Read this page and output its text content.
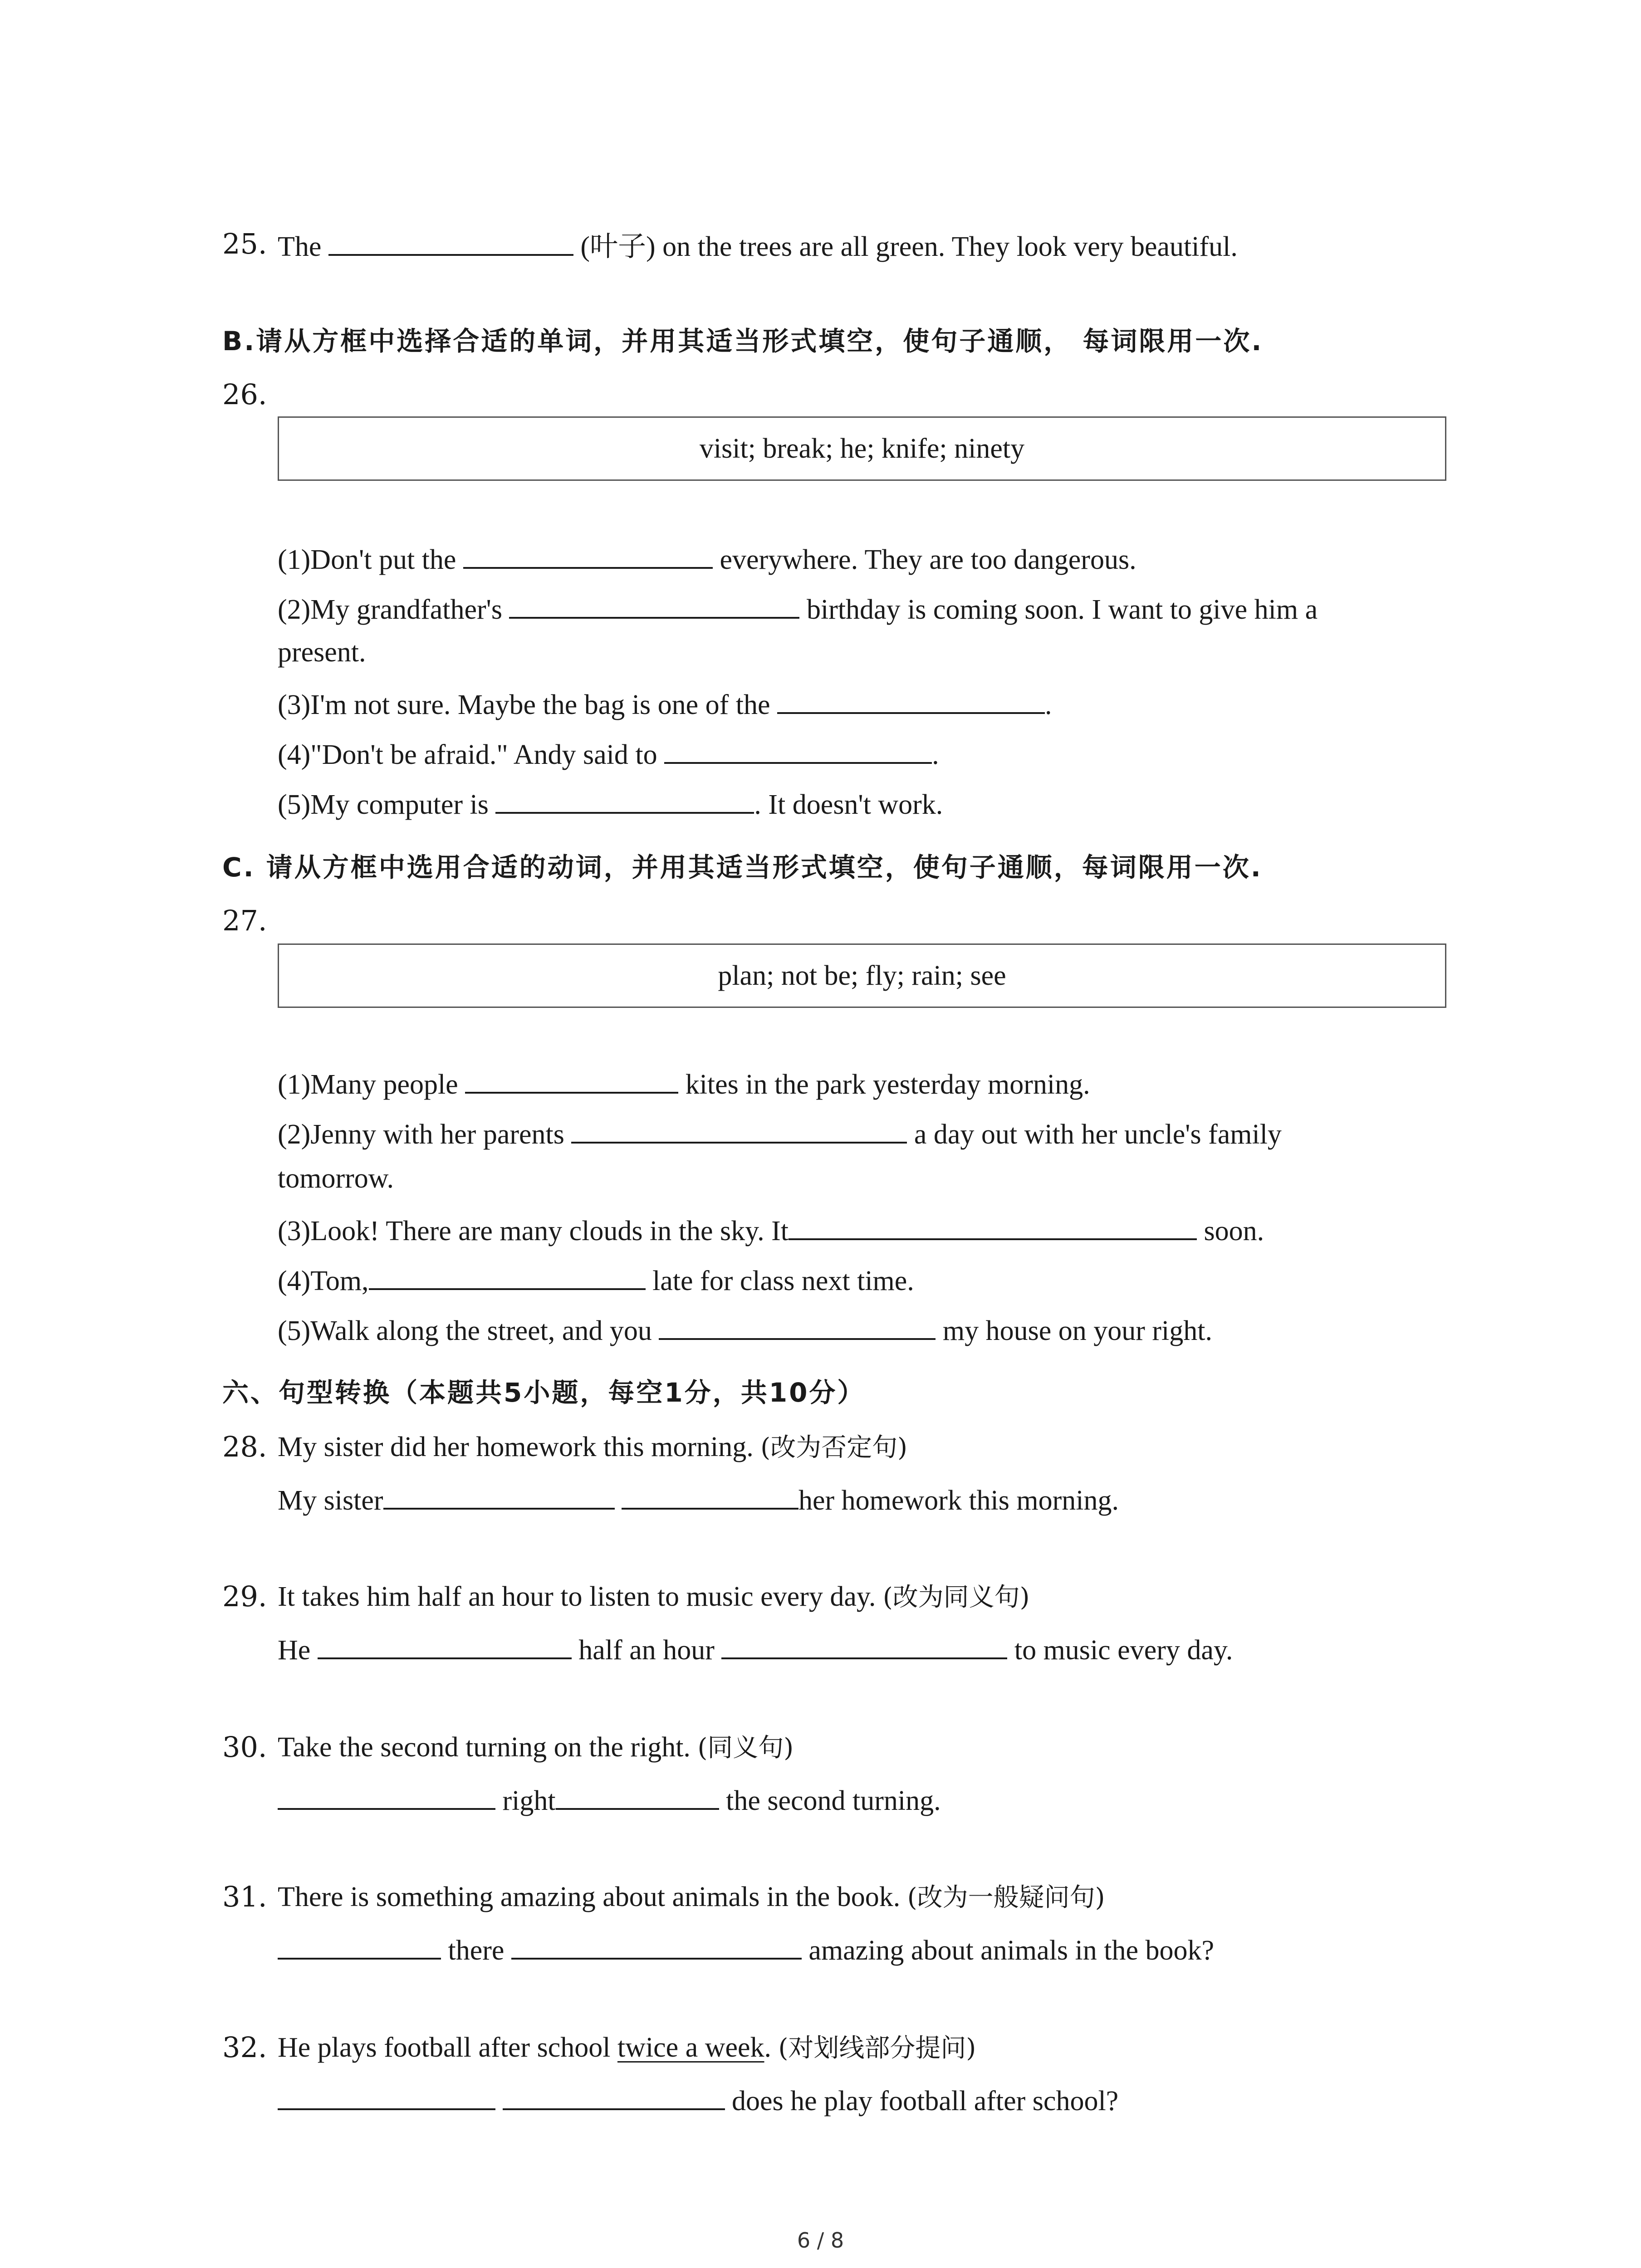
25. The	(叶子) on the trees are all green. They look very beautiful.
B.请从方框中选择合适的单词，并用其适当形式填空，使句子通顺， 每词限用一次.
26.
visit; break; he; knife; ninety
(1)Don't put the	everywhere. They are too dangerous.
(2)My grandfather's	birthday is coming soon. I want to give him a
present.
(3)I'm not sure. Maybe the bag is one of the	.
(4)"Don't be afraid." Andy said to	.
(5)My computer is	. It doesn't work.
C. 请从方框中选用合适的动词，并用其适当形式填空，使句子通顺，每词限用一次.
27.
plan; not be; fly; rain; see
(1)Many people	kites in the park yesterday morning.
(2)Jenny with her parents	a day out with her uncle's family
tomorrow.
(3)Look! There are many clouds in the sky. It	soon.
(4)Tom,	late for class next time.
(5)Walk along the street, and you	my house on your right.
六、句型转换（本题共5小题，每空1分，共10分）
28. My sister did her homework this morning. (改为否定句)
My sister	her homework this morning.
29. It takes him half an hour to listen to music every day. (改为同义句)
He	half an hour	to music every day.
30. Take the second turning on the right. (同义句)
right	the second turning.
31. There is something amazing about animals in the book. (改为一般疑问句)
there	amazing about animals in the book?
32. He plays football after school twice a week. (对划线部分提问)
does he play football after school?
6 / 8
